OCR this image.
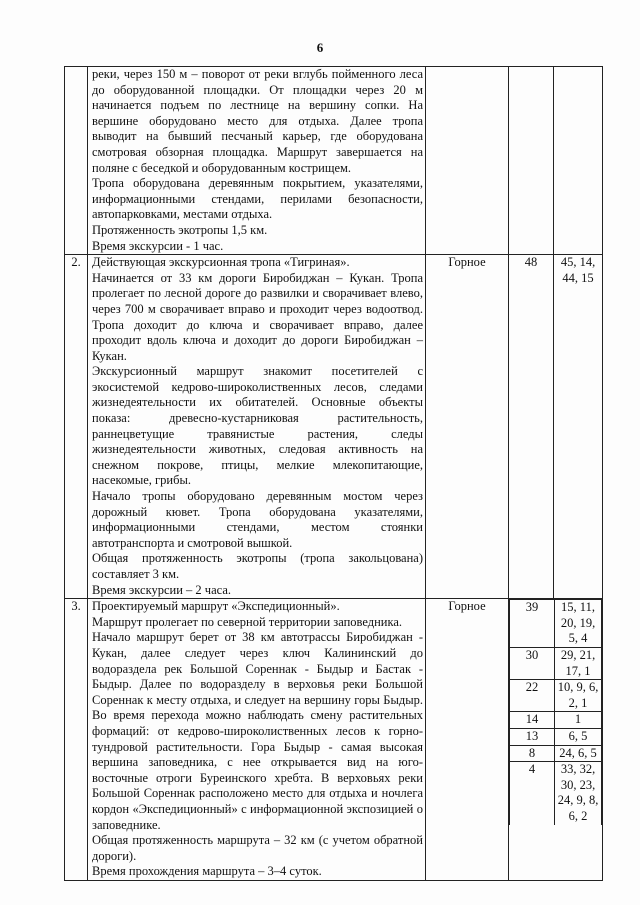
6

реки, через 150 м – поворот от реки вглубь пойменного леса до оборудованной площадки. От площадки через 20 м начинается подъем по лестнице на вершину сопки. На вершине оборудовано место для отдыха. Далее тропа выводит на бывший песчаный карьер, где оборудована смотровая обзорная площадка. Маршрут завершается на поляне с беседкой и оборудованным кострищем.
Тропа оборудована деревянным покрытием, указателями, информационными стендами, перилами безопасности, автопарковками, местами отдыха.
Протяженность экотропы 1,5 км.
Время экскурсии - 1 час.

2.	Действующая экскурсионная тропа «Тигриная».
Начинается от 33 км дороги Биробиджан – Кукан. Тропа пролегает по лесной дороге до развилки и сворачивает влево, через 700 м сворачивает вправо и проходит через водоотвод. Тропа доходит до ключа и сворачивает вправо, далее проходит вдоль ключа и доходит до дороги Биробиджан – Кукан.
Экскурсионный маршрут знакомит посетителей с экосистемой кедрово-широколиственных лесов, следами жизнедеятельности их обитателей. Основные объекты показа: древесно-кустарниковая растительность, раннецветущие травянистые растения, следы жизнедеятельности животных, следовая активность на снежном покрове, птицы, мелкие млекопитающие, насекомые, грибы.
Начало тропы оборудовано деревянным мостом через дорожный кювет. Тропа оборудована указателями, информационными стендами, местом стоянки автотранспорта и смотровой вышкой.
Общая протяженность экотропы (тропа закольцована) составляет 3 км.
Время экскурсии – 2 часа.
	Горное	48	45, 14, 44, 15
3.	Проектируемый маршрут «Экспедиционный».
Маршрут пролегает по северной территории заповедника.
Начало маршрут берет от 38 км автотрассы Биробиджан - Кукан, далее следует через ключ Калининский до водораздела рек Большой Сореннак - Быдыр и Бастак - Быдыр. Далее по водоразделу в верховья реки Большой Сореннак к месту отдыха, и следует на вершину горы Быдыр. Во время перехода можно наблюдать смену растительных формаций: от кедрово-широколиственных лесов к горно-тундровой растительности. Гора Быдыр - самая высокая вершина заповедника, с нее открывается вид на юго-восточные отроги Буреинского хребта. В верховьях реки Большой Сореннак расположено место для отдыха и ночлега кордон «Экспедиционный» с информационной экспозицией о заповеднике.
Общая протяженность маршрута – 32 км (с учетом обратной дороги).
Время прохождения маршрута – 3–4 суток.
	Горное		39	15, 11, 20, 19, 5, 4
30	29, 21, 17, 1
22	10, 9, 6, 2, 1
14	1
13	6, 5
8	24, 6, 5
4	33, 32, 30, 23, 24, 9, 8, 6, 2
